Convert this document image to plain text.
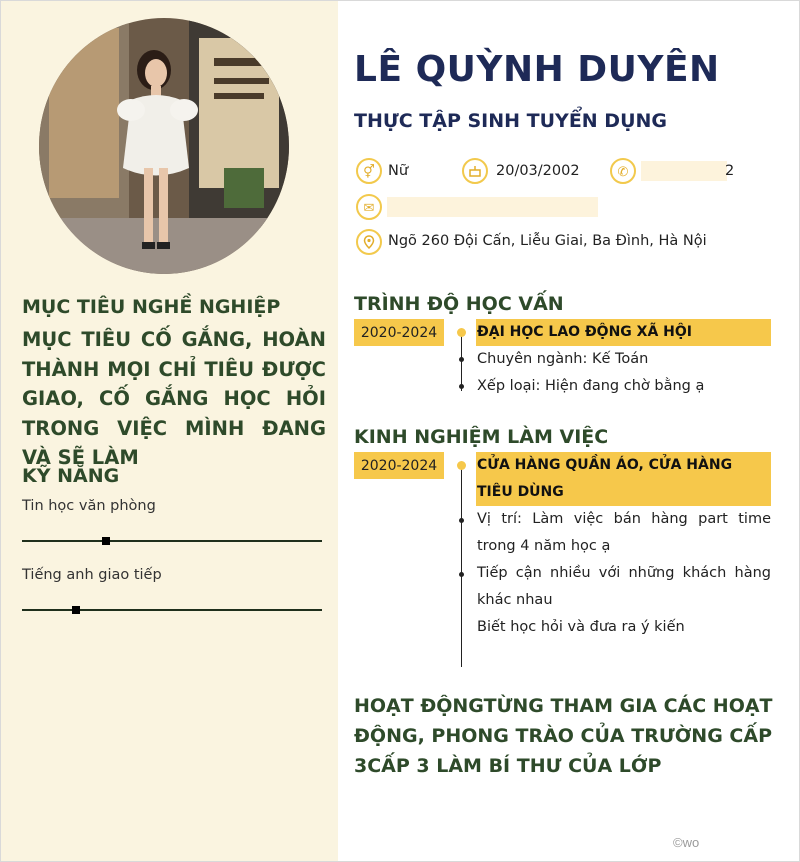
MỤC TIÊU NGHỀ NGHIỆP
MỤC TIÊU CỐ GẮNG, HOÀN THÀNH MỌI CHỈ TIÊU ĐƯỢC GIAO, CỐ GẮNG HỌC HỎI TRONG VIỆC MÌNH ĐANG VÀ SẼ LÀM
KỸ NĂNG
Tin học văn phòng
Tiếng anh giao tiếp
LÊ QUỲNH DUYÊN
THỰC TẬP SINH TUYỂN DỤNG
⚥ Nữ	20/03/2002	✆	2
✉
Ngõ 260 Đội Cấn, Liễu Giai, Ba Đình, Hà Nội
TRÌNH ĐỘ HỌC VẤN
2020-2024	ĐẠI HỌC LAO ĐỘNG XÃ HỘI
Chuyên ngành: Kế Toán
Xếp loại: Hiện đang chờ bằng ạ
KINH NGHIỆM LÀM VIỆC
2020-2024	CỬA HÀNG QUẦN ÁO, CỬA HÀNG TIÊU DÙNG
Vị trí: Làm việc bán hàng part time trong 4 năm học ạ
Tiếp cận nhiều với những khách hàng khác nhau
Biết học hỏi và đưa ra ý kiến
HOẠT ĐỘNGTỪNG THAM GIA CÁC HOẠT ĐỘNG, PHONG TRÀO CỦA TRƯỜNG CẤP 3CẤP 3 LÀM BÍ THƯ CỦA LỚP
©wo
